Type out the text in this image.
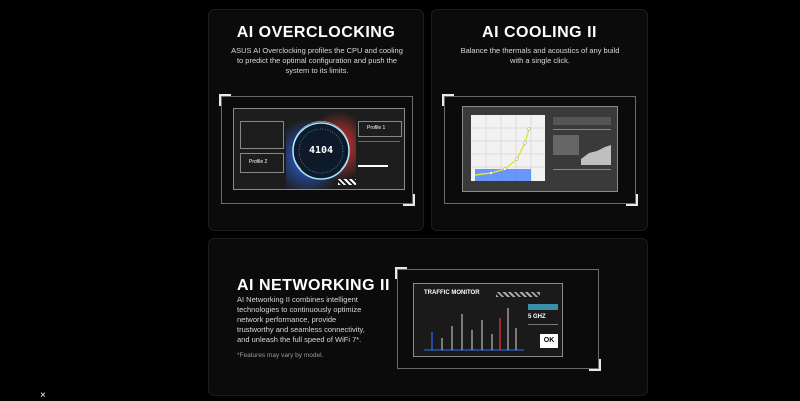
AI OVERCLOCKING
ASUS AI Overclocking profiles the CPU and cooling to predict the optimal configuration and push the system to its limits.
Profile 2
4104
Profile 1
AI COOLING II
Balance the thermals and acoustics of any build with a single click.
AI NETWORKING II
AI Networking II combines intelligent technologies to continuously optimize network performance, provide trustworthy and seamless connectivity, and unleash the full speed of WiFi 7*.
*Features may vary by model.
TRAFFIC MONITOR
5 GHZ
OK
×
